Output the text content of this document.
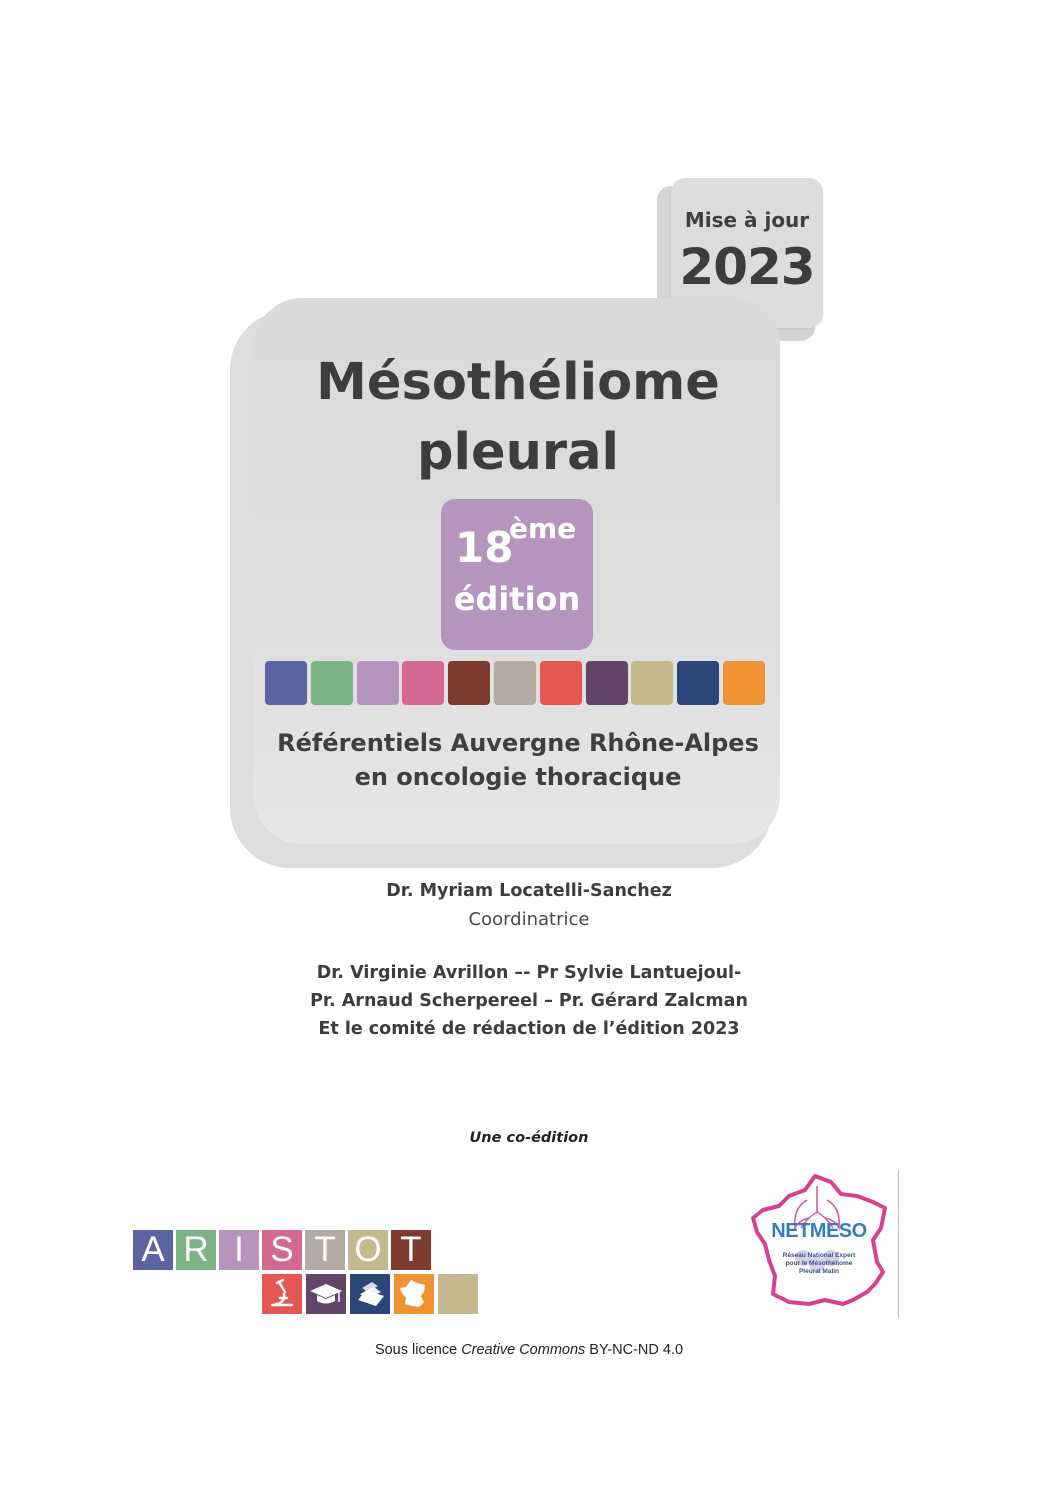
Mise à jour
2023
Mésothéliome
pleural
18
ème
édition
Référentiels Auvergne Rhône-Alpes
en oncologie thoracique
Dr. Myriam Locatelli-Sanchez
Coordinatrice
Dr. Virginie Avrillon –- Pr Sylvie Lantuejoul-
Pr. Arnaud Scherpereel – Pr. Gérard Zalcman
Et le comité de rédaction de l’édition 2023
Une co-édition
A R I S T O T	NETMESO
Réseau National Expert
pour le Mésothéliome
Pleural Malin
Sous licence Creative Commons BY-NC-ND 4.0
